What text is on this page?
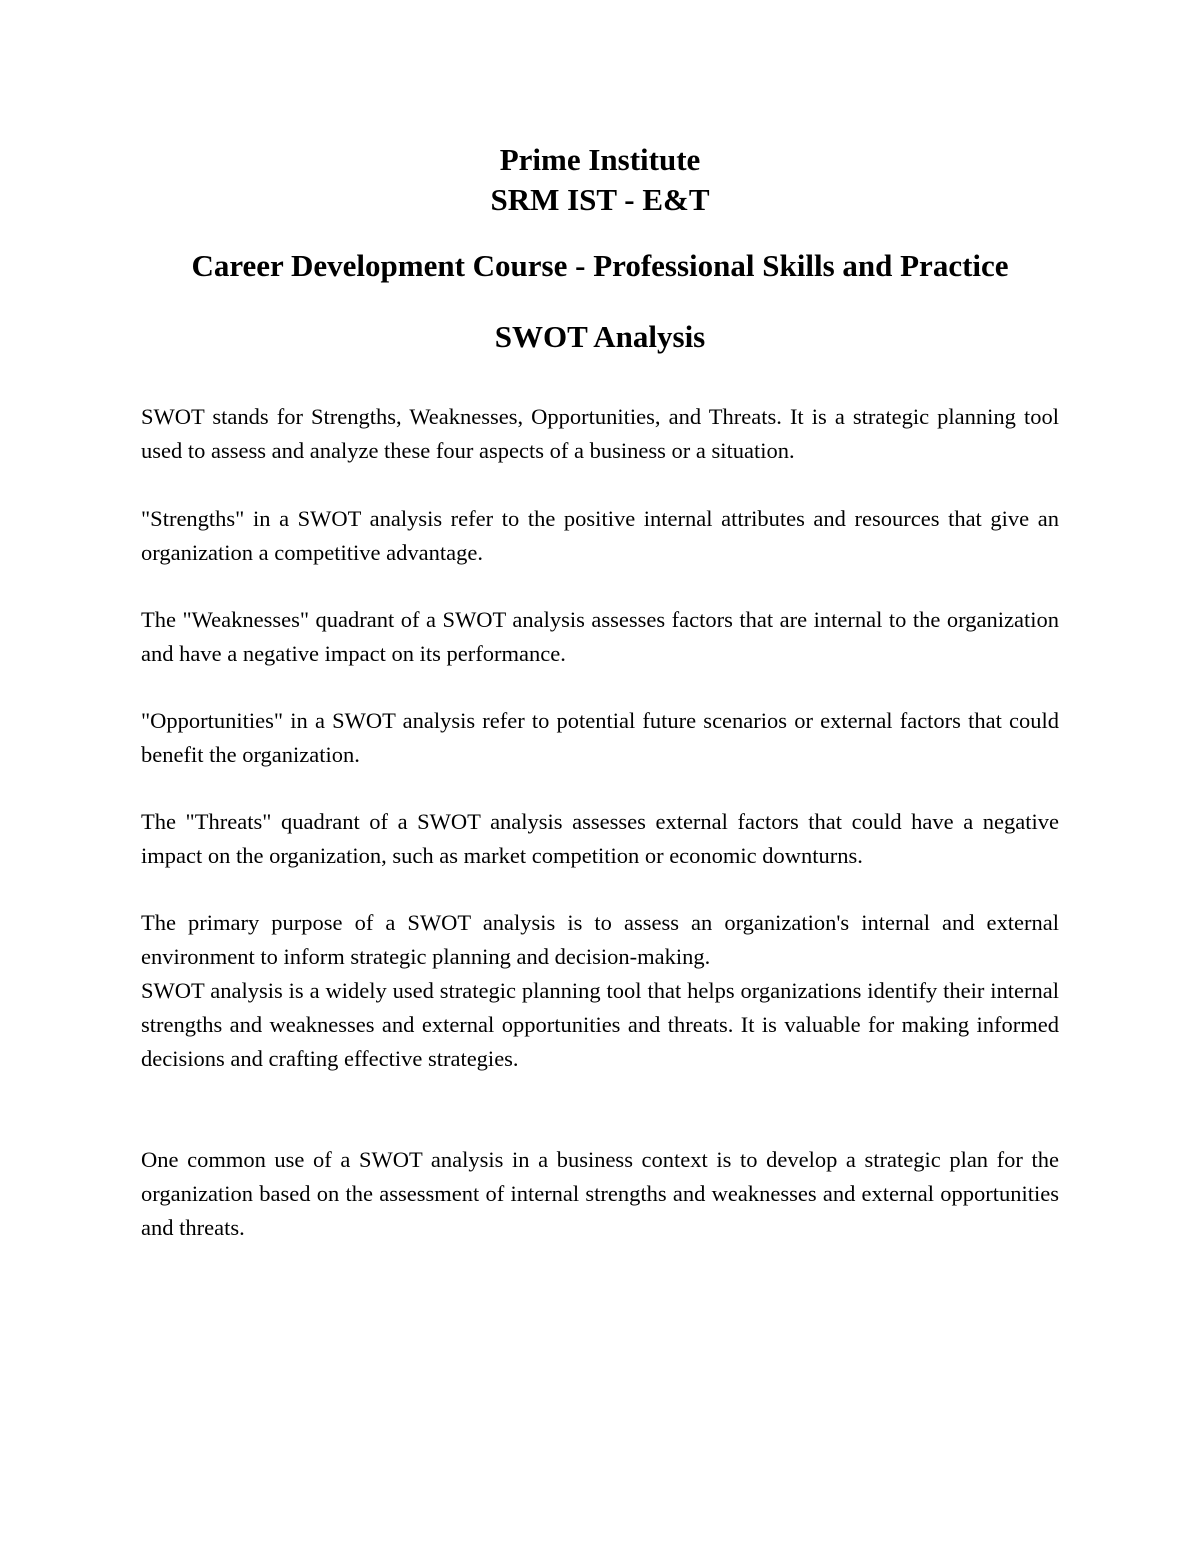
Prime Institute
SRM IST - E&T
Career Development Course - Professional Skills and Practice
SWOT Analysis

SWOT stands for Strengths, Weaknesses, Opportunities, and Threats. It is a strategic planning tool used to assess and analyze these four aspects of a business or a situation.

"Strengths" in a SWOT analysis refer to the positive internal attributes and resources that give an organization a competitive advantage.

The "Weaknesses" quadrant of a SWOT analysis assesses factors that are internal to the organization and have a negative impact on its performance.

"Opportunities" in a SWOT analysis refer to potential future scenarios or external factors that could benefit the organization.

The "Threats" quadrant of a SWOT analysis assesses external factors that could have a negative impact on the organization, such as market competition or economic downturns.

The primary purpose of a SWOT analysis is to assess an organization's internal and external environment to inform strategic planning and decision-making.

SWOT analysis is a widely used strategic planning tool that helps organizations identify their internal strengths and weaknesses and external opportunities and threats. It is valuable for making informed decisions and crafting effective strategies.

One common use of a SWOT analysis in a business context is to develop a strategic plan for the organization based on the assessment of internal strengths and weaknesses and external opportunities and threats.
